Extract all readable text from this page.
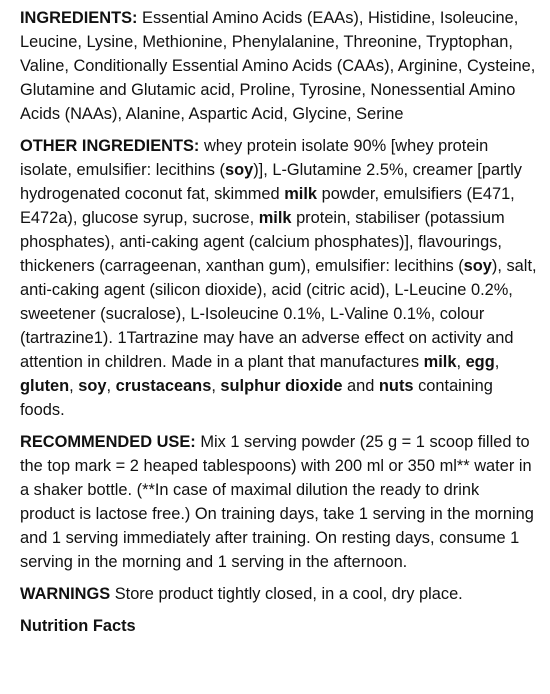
INGREDIENTS: Essential Amino Acids (EAAs), Histidine, Isoleucine, Leucine, Lysine, Methionine, Phenylalanine, Threonine, Tryptophan, Valine, Conditionally Essential Amino Acids (CAAs), Arginine, Cysteine, Glutamine and Glutamic acid, Proline, Tyrosine, Nonessential Amino Acids (NAAs), Alanine, Aspartic Acid, Glycine, Serine

OTHER INGREDIENTS: whey protein isolate 90% [whey protein isolate, emulsifier: lecithins (soy)], L-Glutamine 2.5%, creamer [partly hydrogenated coconut fat, skimmed milk powder, emulsifiers (E471, E472a), glucose syrup, sucrose, milk protein, stabiliser (potassium phosphates), anti-caking agent (calcium phosphates)], flavourings, thickeners (carrageenan, xanthan gum), emulsifier: lecithins (soy), salt, anti-caking agent (silicon dioxide), acid (citric acid), L-Leucine 0.2%, sweetener (sucralose), L-Isoleucine 0.1%, L-Valine 0.1%, colour (tartrazine1). 1Tartrazine may have an adverse effect on activity and attention in children. Made in a plant that manufactures milk, egg, gluten, soy, crustaceans, sulphur dioxide and nuts containing foods.

RECOMMENDED USE: Mix 1 serving powder (25 g = 1 scoop filled to the top mark = 2 heaped tablespoons) with 200 ml or 350 ml** water in a shaker bottle. (**In case of maximal dilution the ready to drink product is lactose free.) On training days, take 1 serving in the morning and 1 serving immediately after training. On resting days, consume 1 serving in the morning and 1 serving in the afternoon.

WARNINGS Store product tightly closed, in a cool, dry place.

Nutrition Facts
